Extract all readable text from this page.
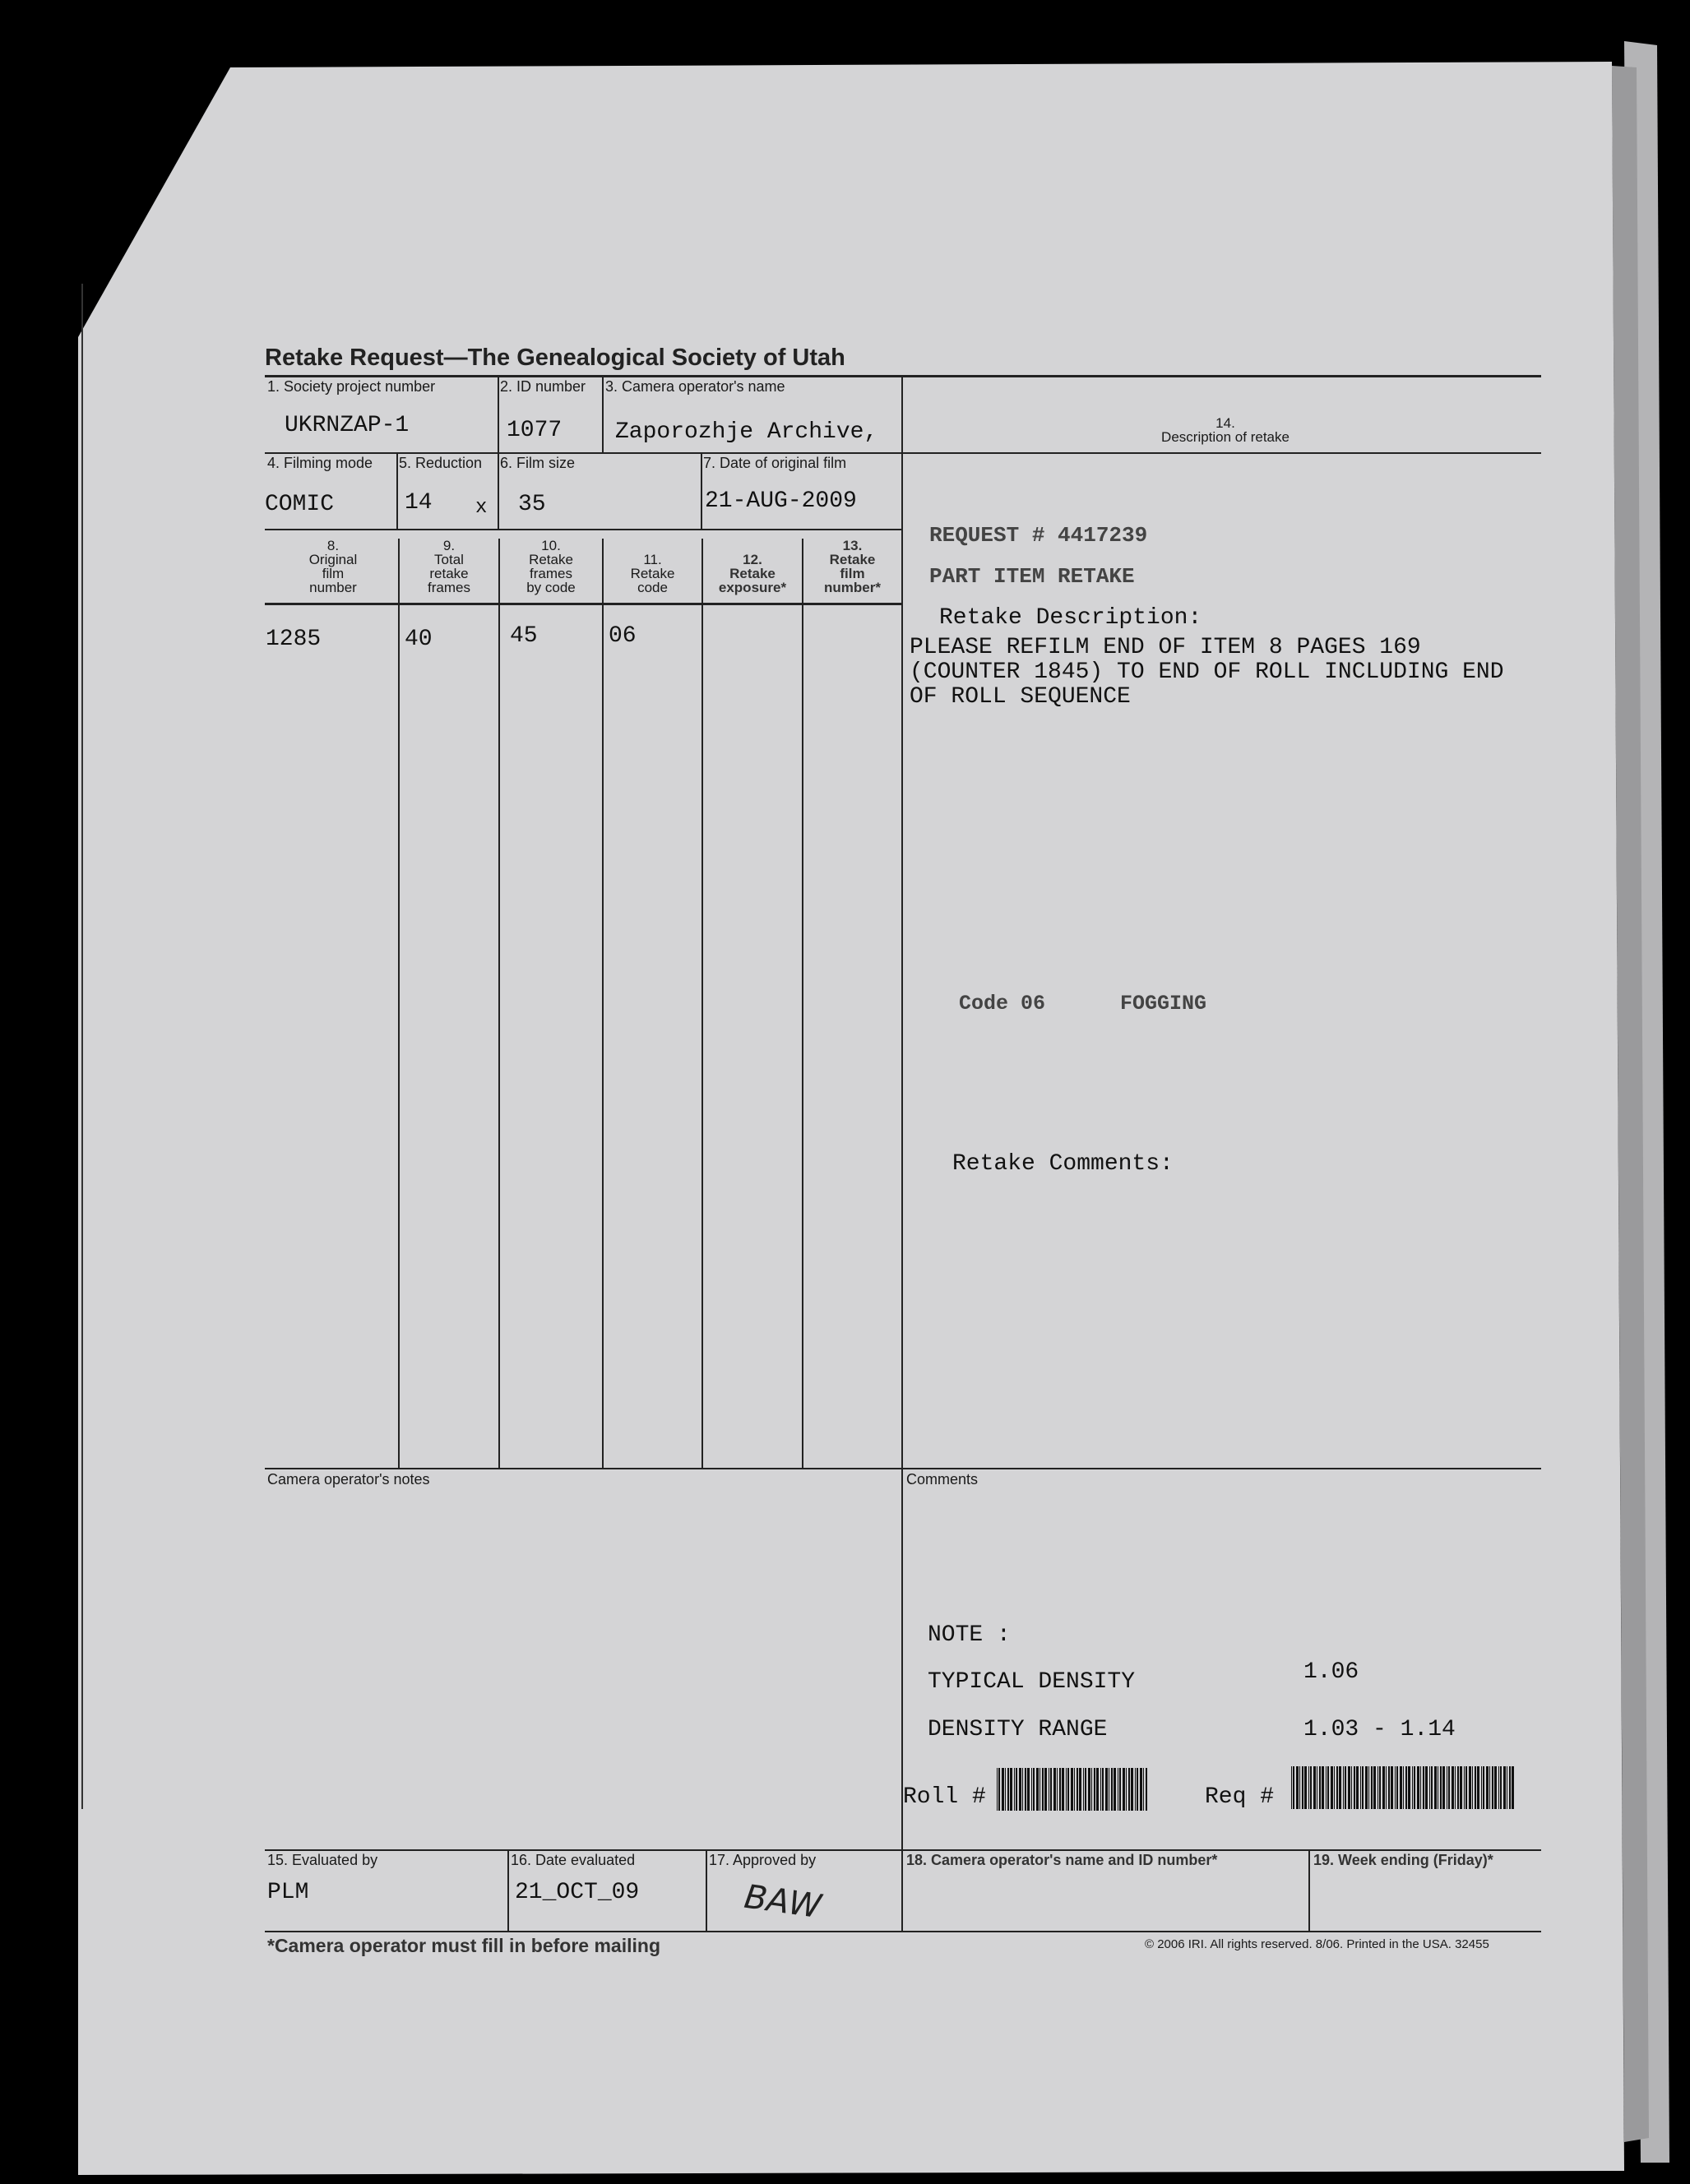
Retake Request—The Genealogical Society of Utah
1. Society project number
UKRNZAP-1
2. ID number
1077
3. Camera operator's name
Zaporozhje Archive,	14.
Description of retake
4. Filming mode
COMIC
5. Reduction
14 x
6. Film size
35
7. Date of original film
21-AUG-2009
8.
Original
film
number
9.
Total
retake
frames
10.
Retake
frames
by code
11.
Retake
code
12.
Retake
exposure*
13.
Retake
film
number*
1285	40	45	06
REQUEST # 4417239
PART ITEM RETAKE
Retake Description:
PLEASE REFILM END OF ITEM 8 PAGES 169
(COUNTER 1845) TO END OF ROLL INCLUDING END
OF ROLL SEQUENCE
Code 06	FOGGING
Retake Comments:
Camera operator's notes	Comments
NOTE :
TYPICAL DENSITY	1.06
DENSITY RANGE	1.03 - 1.14
Roll #	Req #
15. Evaluated by
PLM
16. Date evaluated
21_OCT_09
17. Approved by
BAW
18. Camera operator's name and ID number*	19. Week ending (Friday)*
*Camera operator must fill in before mailing	© 2006 IRI. All rights reserved. 8/06. Printed in the USA. 32455
